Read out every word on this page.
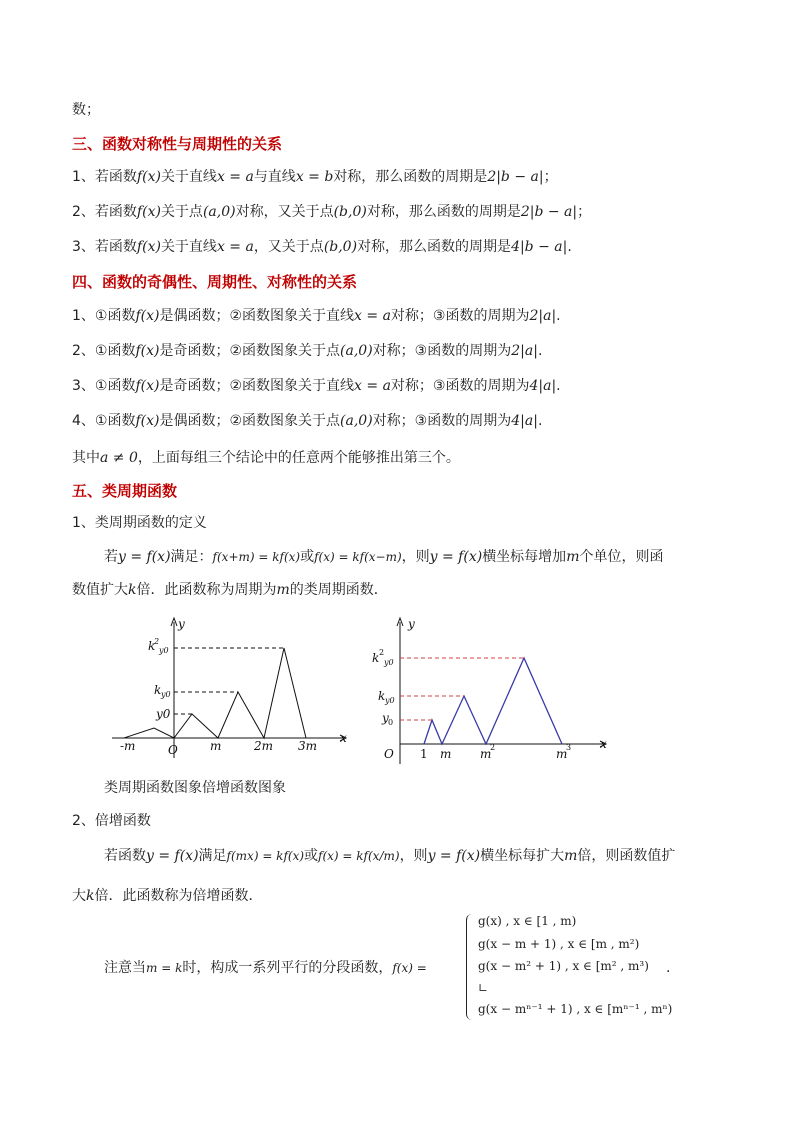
数；
三、函数对称性与周期性的关系
1、若函数f(x)关于直线x = a与直线x = b对称，那么函数的周期是2|b − a|；
2、若函数f(x)关于点(a,0)对称，又关于点(b,0)对称，那么函数的周期是2|b − a|；
3、若函数f(x)关于直线x = a，又关于点(b,0)对称，那么函数的周期是4|b − a|.
四、函数的奇偶性、周期性、对称性的关系
1、①函数f(x)是偶函数；②函数图象关于直线x = a对称；③函数的周期为2|a|.
2、①函数f(x)是奇函数；②函数图象关于点(a,0)对称；③函数的周期为2|a|.
3、①函数f(x)是奇函数；②函数图象关于直线x = a对称；③函数的周期为4|a|.
4、①函数f(x)是偶函数；②函数图象关于点(a,0)对称；③函数的周期为4|a|.
其中a ≠ 0，上面每组三个结论中的任意两个能够推出第三个。
五、类周期函数
1、类周期函数的定义
若y = f(x)满足：f(x+m) = kf(x)或f(x) = kf(x−m)，则y = f(x)横坐标每增加m个单位，则函
数值扩大k倍．此函数称为周期为m的类周期函数．
y
x
O
-m	m	2m 3m
y0
k y0
k
2
y0
y
x
O 1 m m
2	m
3
y 0
k y0
k 2
y0
类周期函数图象倍增函数图象
2、倍增函数
若函数y = f(x)满足f(mx) = kf(x)或f(x) = kf(x/m)，则y = f(x)横坐标每扩大m倍，则函数值扩
大k倍．此函数称为倍增函数．
注意当m = k时，构成一系列平行的分段函数，f(x) =
g(x) , x ∈ [1 , m)
g(x − m + 1) , x ∈ [m , m²)
g(x − m² + 1) , x ∈ [m² , m³)
∟
g(x − mⁿ⁻¹ + 1) , x ∈ [mⁿ⁻¹ , mⁿ)
.
